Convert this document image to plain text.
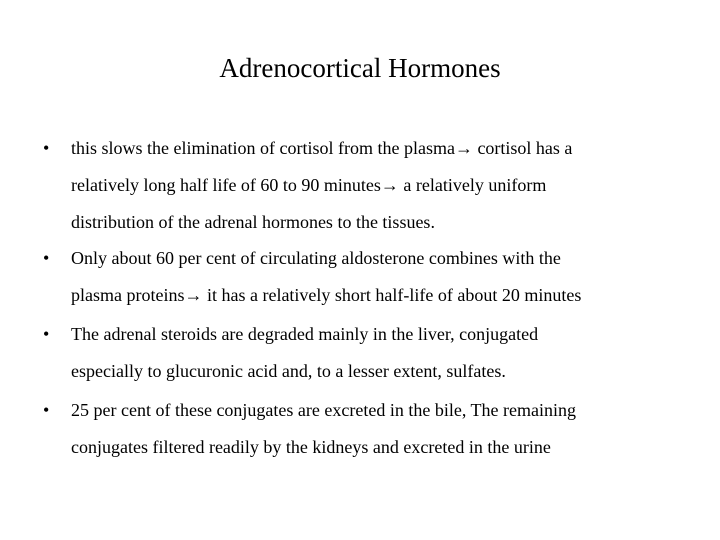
Adrenocortical Hormones
• this slows the elimination of cortisol from the plasma→ cortisol has a
relatively long half life of 60 to 90 minutes→ a relatively uniform
distribution of the adrenal hormones to the tissues.
• Only about 60 per cent of circulating aldosterone combines with the
plasma proteins→ it has a relatively short half-life of about 20 minutes
• The adrenal steroids are degraded mainly in the liver, conjugated
especially to glucuronic acid and, to a lesser extent, sulfates.
• 25 per cent of these conjugates are excreted in the bile, The remaining
conjugates filtered readily by the kidneys and excreted in the urine
